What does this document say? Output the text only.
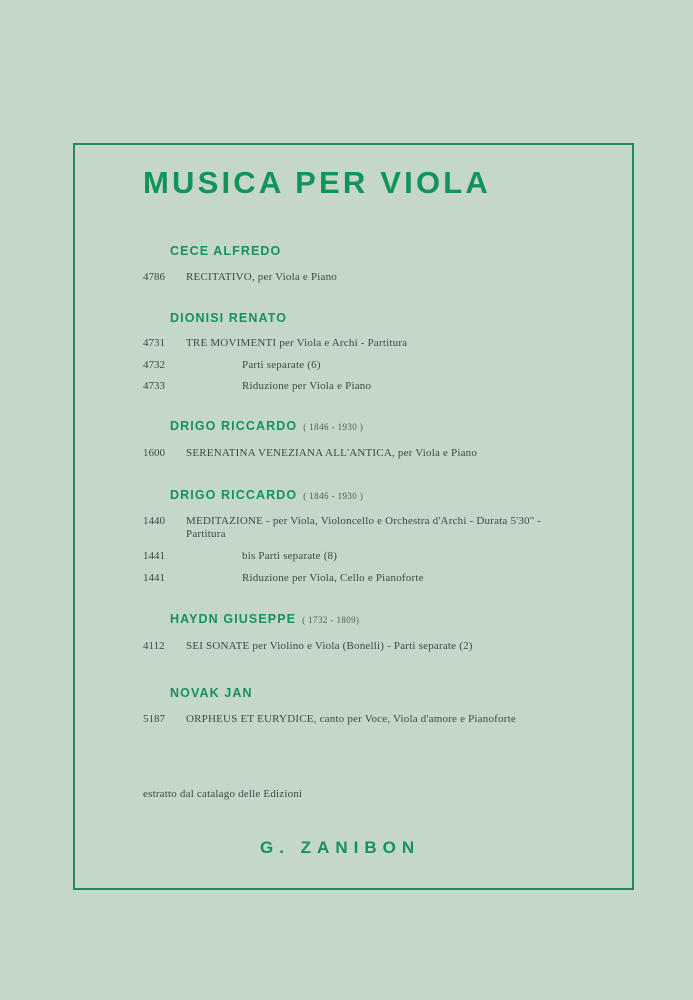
MUSICA PER VIOLA
CECE ALFREDO
4786 RECITATIVO, per Viola e Piano
DIONISI RENATO
4731 TRE MOVIMENTI per Viola e Archi - Partitura
4732	Parti separate (6)
4733	Riduzione per Viola e Piano
DRIGO RICCARDO ( 1846 - 1930 )
1600 SERENATINA VENEZIANA ALL'ANTICA, per Viola e Piano
DRIGO RICCARDO ( 1846 - 1930 )
1440 MEDITAZIONE - per Viola, Violoncello e Orchestra d'Archi - Durata 5'30" - Partitura
1441	bis Parti separate (8)
1441	Riduzione per Viola, Cello e Pianoforte
HAYDN GIUSEPPE ( 1732 - 1809)
4112 SEI SONATE per Violino e Viola (Bonelli) - Parti separate (2)
NOVAK JAN
5187 ORPHEUS ET EURYDICE, canto per Voce, Viola d'amore e Pianoforte
estratto dal catalago delle Edizioni
G. ZANIBON
